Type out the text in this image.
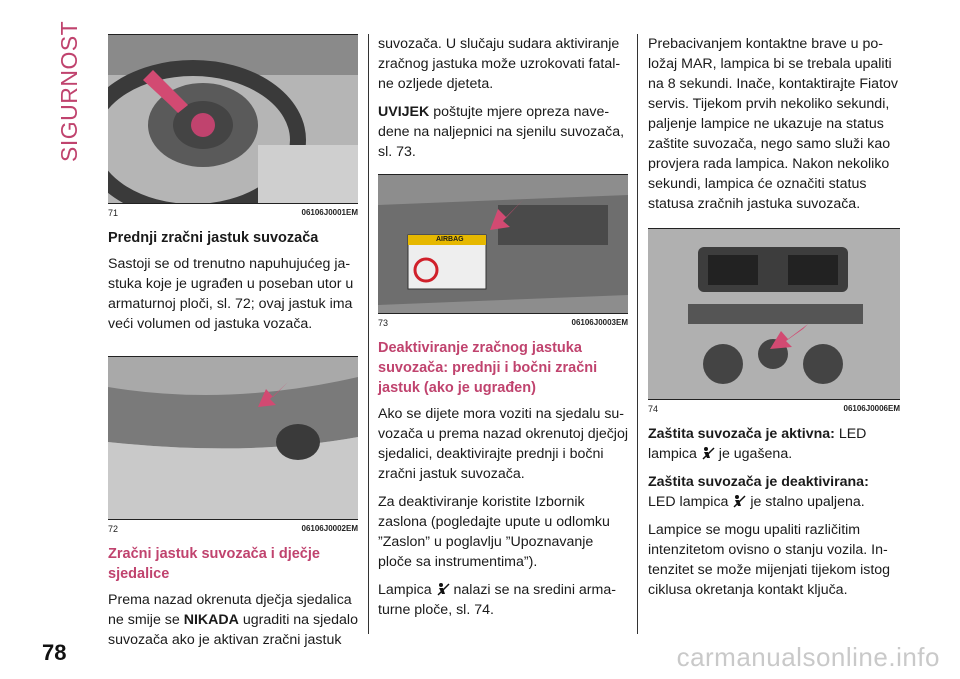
SIGURNOST
71	06106J0001EM
Prednji zračni jastuk suvozača

Sastoji se od trenutno napuhujućeg ja-stuka koje je ugrađen u poseban utor u armaturnoj ploči, sl. 72; ovaj jastuk ima veći volumen od jastuka vozača.

72	06106J0002EM
Zračni jastuk suvozača i dječje sjedalice

Prema nazad okrenuta dječja sjedalica ne smije se NIKADA ugraditi na sjedalo suvozača ako je aktivan zračni jastuk

suvozača. U slučaju sudara aktiviranje zračnog jastuka može uzrokovati fatal-ne ozljede djeteta.

UVIJEK poštujte mjere opreza nave-dene na naljepnici na sjenilu suvozača, sl. 73.

AIRBAG
73	06106J0003EM
Deaktiviranje zračnog jastuka suvozača: prednji i bočni zračni jastuk (ako je ugrađen)

Ako se dijete mora voziti na sjedalu su-vozača u prema nazad okrenutoj dječjoj sjedalici, deaktivirajte prednji i bočni zračni jastuk suvozača.

Za deaktiviranje koristite Izbornik zaslona (pogledajte upute u odlomku ”Zaslon” u poglavlju ”Upoznavanje ploče sa instrumentima”).

Lampica  nalazi se na sredini arma-turne ploče, sl. 74.

Prebacivanjem kontaktne brave u po-ložaj MAR, lampica bi se trebala upaliti na 8 sekundi. Inače, kontaktirajte Fiatov servis. Tijekom prvih nekoliko sekundi, paljenje lampice ne ukazuje na status zaštite suvozača, nego samo služi kao provjera rada lampica. Nakon nekoliko sekundi, lampica će označiti status statusa zračnih jastuka suvozača.

74	06106J0006EM

Zaštita suvozača je aktivna: LED lampica  je ugašena.

Zaštita suvozača je deaktivirana:
LED lampica  je stalno upaljena.

Lampice se mogu upaliti različitim intenzitetom ovisno o stanju vozila. In-tenzitet se može mijenjati tijekom istog ciklusa okretanja kontakt ključa.

78	carmanualsonline.info
